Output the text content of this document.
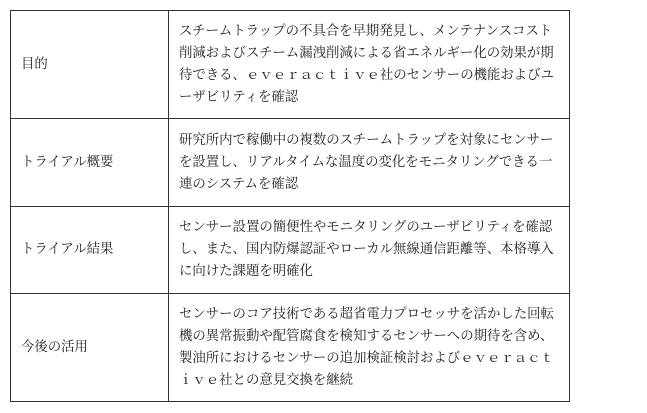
目的	スチームトラップの不具合を早期発見し、メンテナンスコスト削減およびスチーム漏洩削減による省エネルギー化の効果が期待できる、ｅｖｅｒａｃｔｉｖｅ社のセンサーの機能およびユーザビリティを確認
トライアル概要	研究所内で稼働中の複数のスチームトラップを対象にセンサーを設置し、リアルタイムな温度の変化をモニタリングできる一連のシステムを確認
トライアル結果	センサー設置の簡便性やモニタリングのユーザビリティを確認し、また、国内防爆認証やローカル無線通信距離等、本格導入に向けた課題を明確化
今後の活用	センサーのコア技術である超省電力プロセッサを活かした回転機の異常振動や配管腐食を検知するセンサーへの期待を含め、製油所におけるセンサーの追加検証検討およびｅｖｅｒａｃｔｉｖｅ社との意見交換を継続
